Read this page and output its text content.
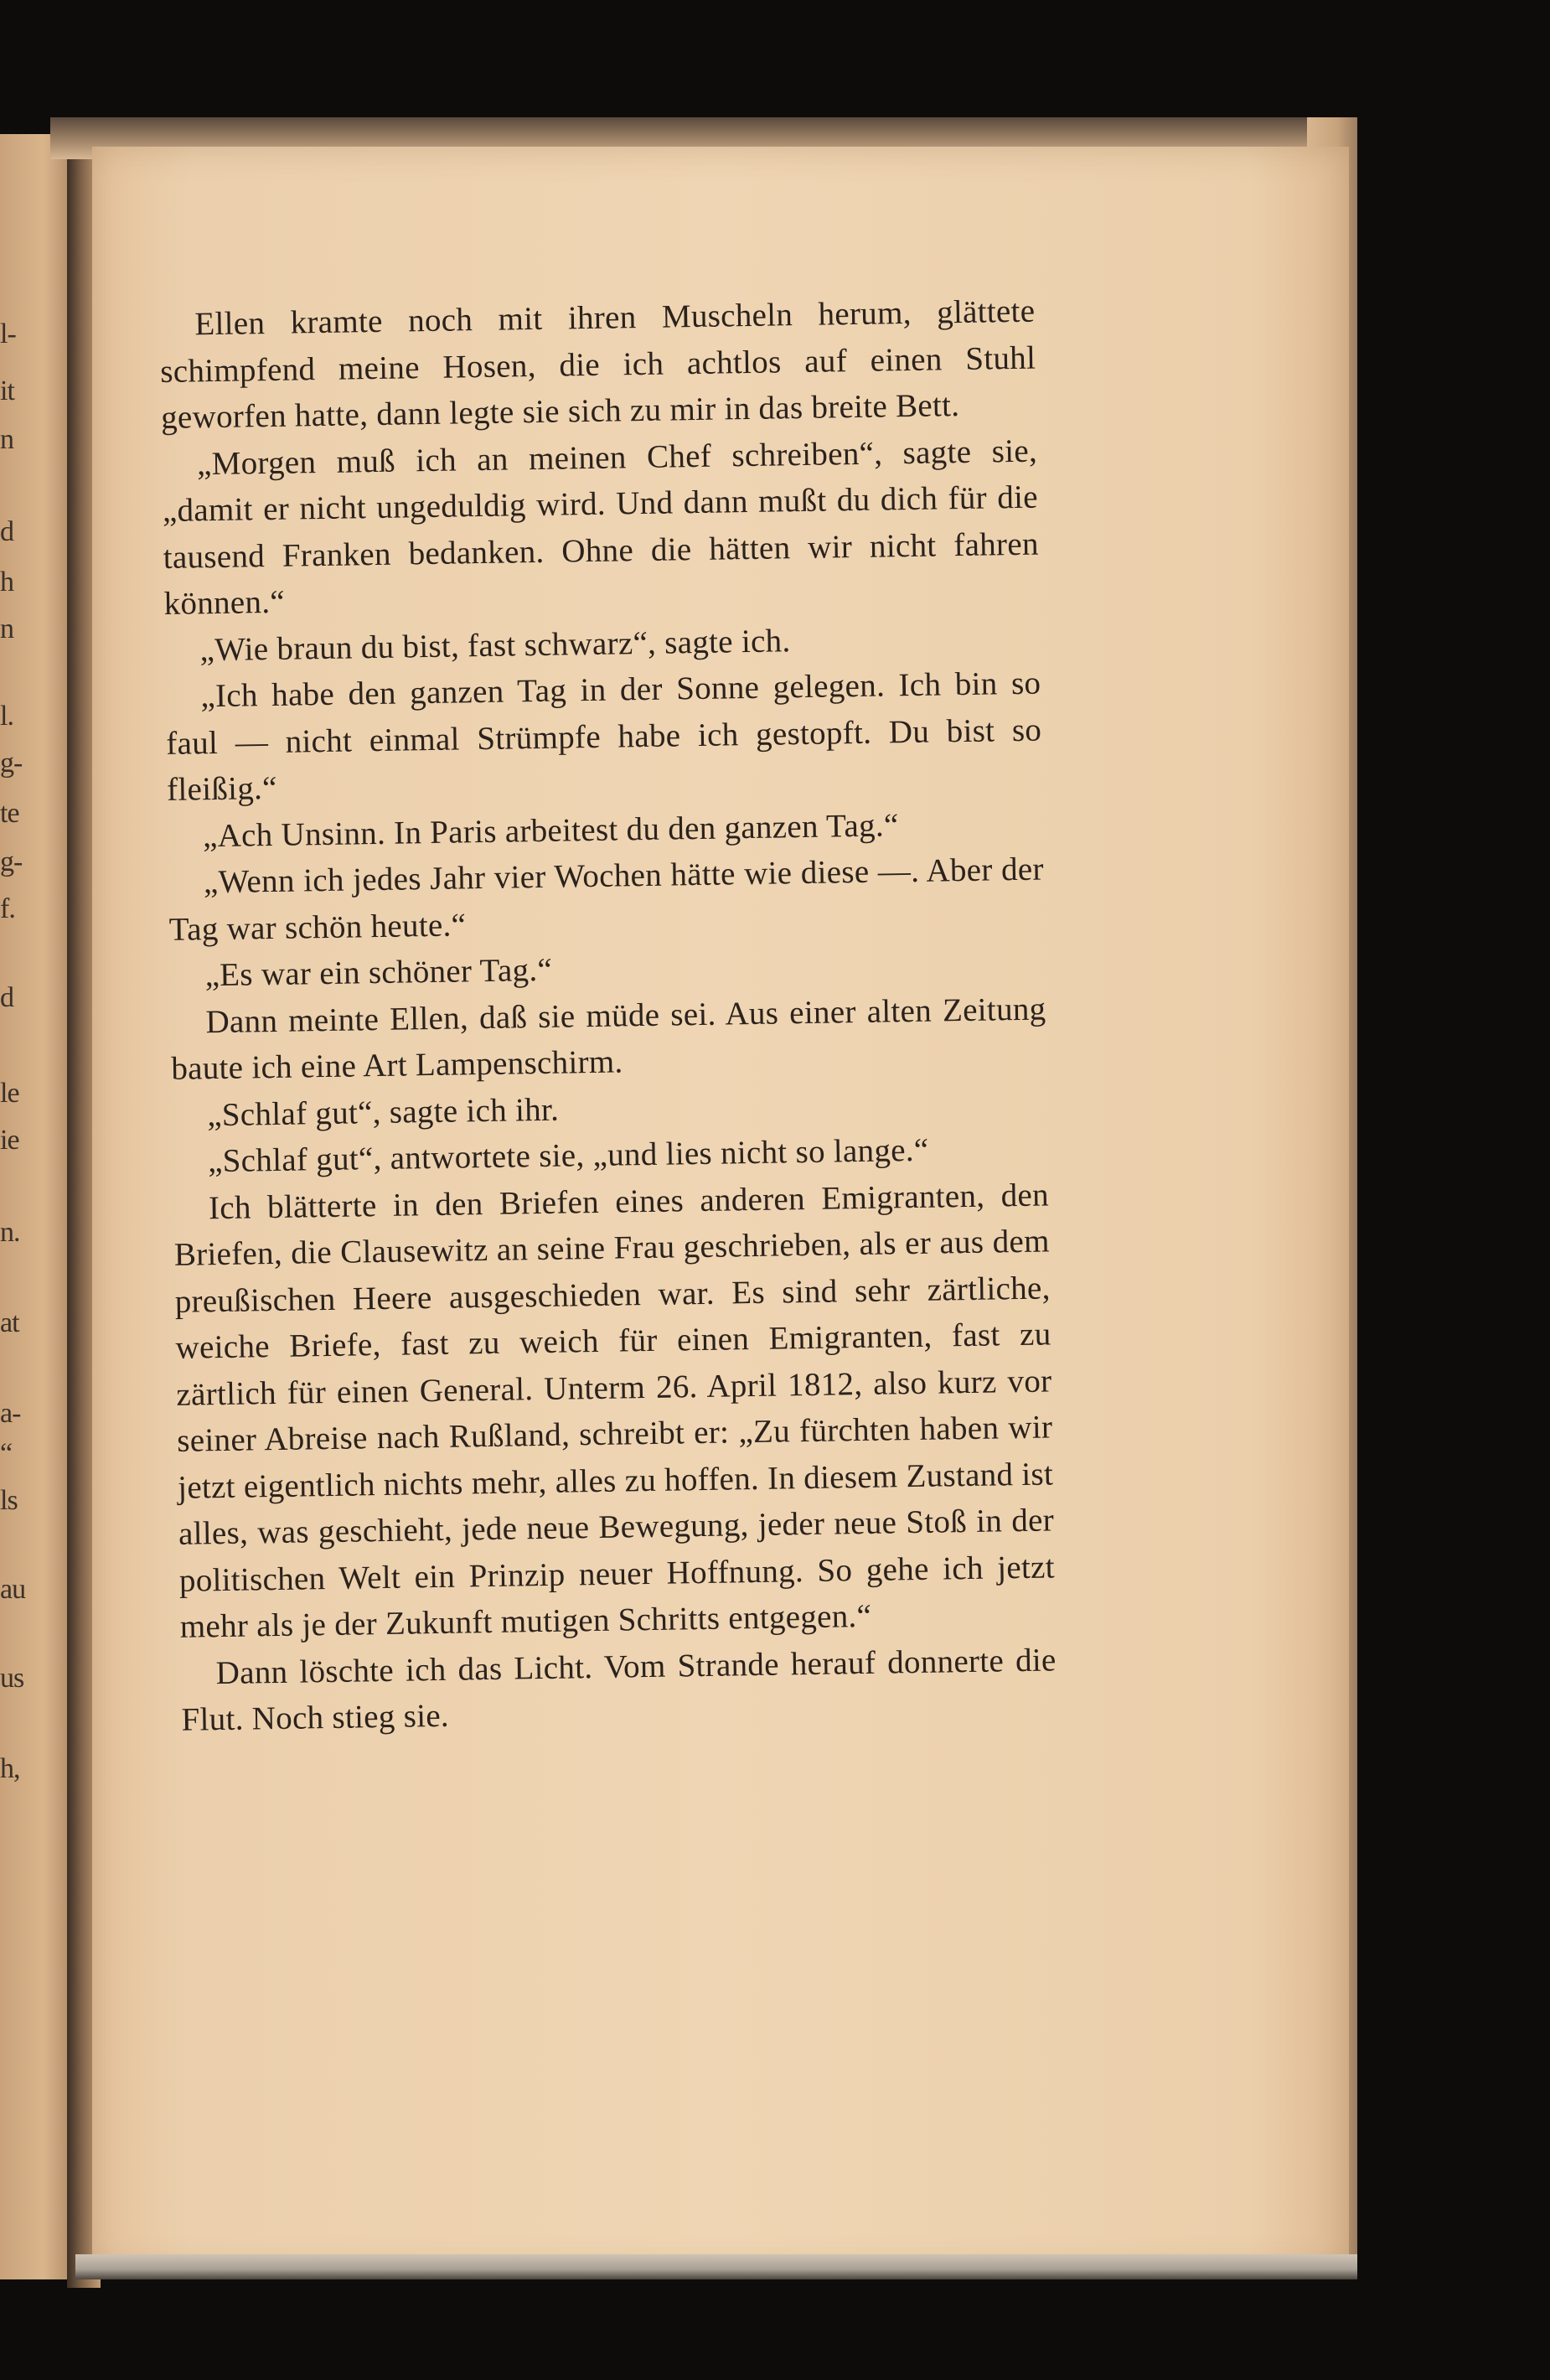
l-
it
n
d
h
n
l.
g-
te
g-
f.
d
le
ie
n.
at
a-
“
ls
au
us
h,

Ellen kramte noch mit ihren Muscheln herum, glättete schimpfend meine Hosen, die ich achtlos auf einen Stuhl geworfen hatte, dann legte sie sich zu mir in das breite Bett.

„Morgen muß ich an meinen Chef schreiben“, sagte sie, „damit er nicht ungeduldig wird. Und dann mußt du dich für die tausend Franken bedanken. Ohne die hätten wir nicht fahren können.“

„Wie braun du bist, fast schwarz“, sagte ich.

„Ich habe den ganzen Tag in der Sonne gelegen. Ich bin so faul — nicht einmal Strümpfe habe ich gestopft. Du bist so fleißig.“

„Ach Unsinn. In Paris arbeitest du den ganzen Tag.“

„Wenn ich jedes Jahr vier Wochen hätte wie diese —. Aber der Tag war schön heute.“

„Es war ein schöner Tag.“

Dann meinte Ellen, daß sie müde sei. Aus einer alten Zeitung baute ich eine Art Lampenschirm.

„Schlaf gut“, sagte ich ihr.

„Schlaf gut“, antwortete sie, „und lies nicht so lange.“

Ich blätterte in den Briefen eines anderen Emigranten, den Briefen, die Clausewitz an seine Frau geschrieben, als er aus dem preußischen Heere ausgeschieden war. Es sind sehr zärtliche, weiche Briefe, fast zu weich für einen Emigranten, fast zu zärtlich für einen General. Unterm 26. April 1812, also kurz vor seiner Abreise nach Rußland, schreibt er: „Zu fürchten haben wir jetzt eigentlich nichts mehr, alles zu hoffen. In diesem Zustand ist alles, was geschieht, jede neue Bewegung, jeder neue Stoß in der politischen Welt ein Prinzip neuer Hoffnung. So gehe ich jetzt mehr als je der Zukunft mutigen Schritts entgegen.“

Dann löschte ich das Licht. Vom Strande herauf donnerte die Flut. Noch stieg sie.
